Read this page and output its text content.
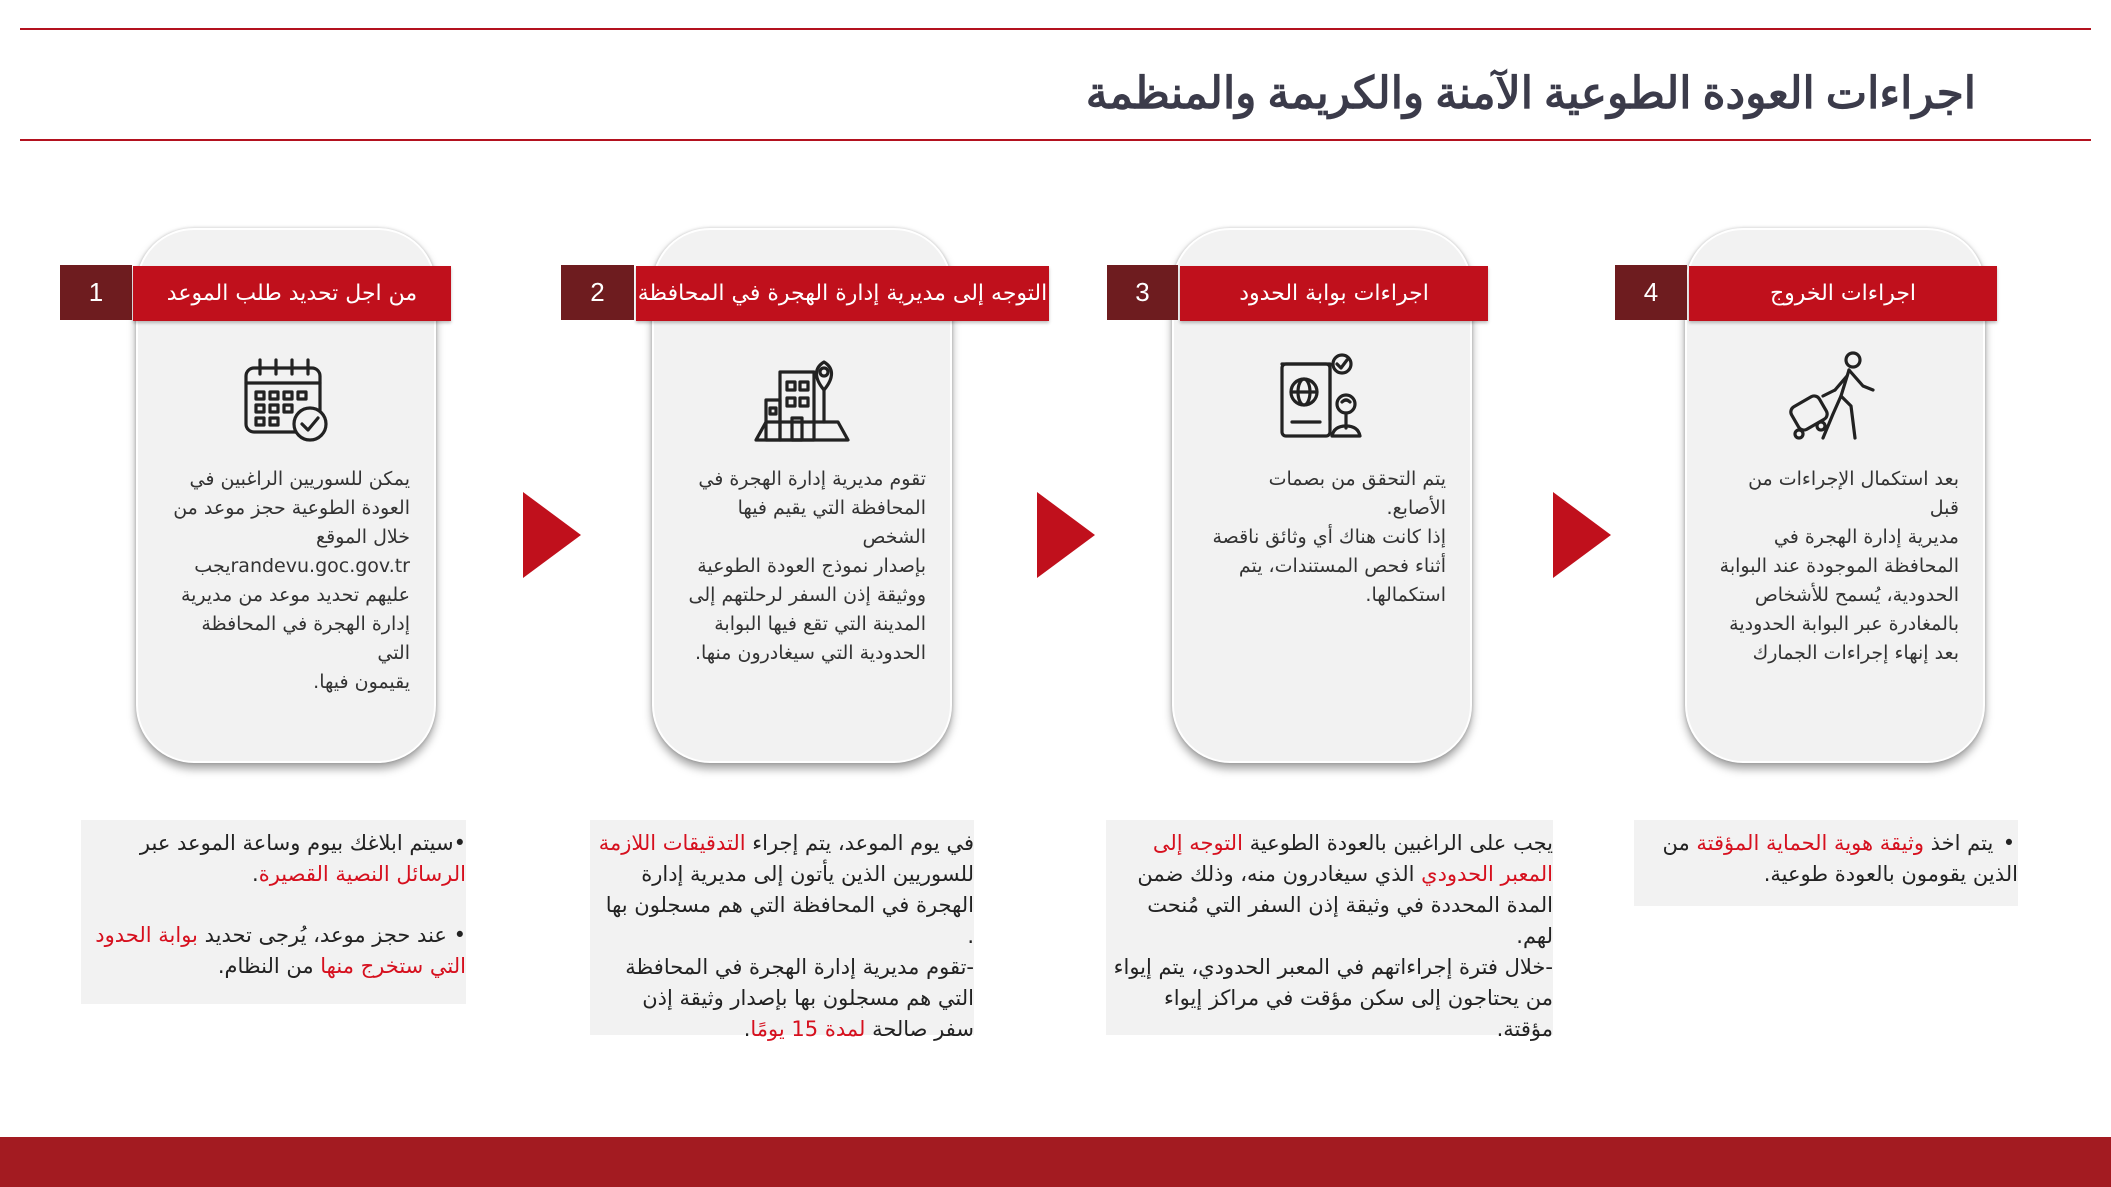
اجراءات العودة الطوعية الآمنة والكريمة والمنظمة
يمكن للسوريين الراغبين في
العودة الطوعية حجز موعد من
خلال الموقع
randevu.goc.gov.trيجب
عليهم تحديد موعد من مديرية
إدارة الهجرة في المحافظة التي
يقيمون فيها.
1	من اجل تحديد طلب الموعد
تقوم مديرية إدارة الهجرة في
المحافظة التي يقيم فيها الشخص
بإصدار نموذج العودة الطوعية
ووثيقة إذن السفر لرحلتهم إلى
المدينة التي تقع فيها البوابة
الحدودية التي سيغادرون منها.
2	التوجه إلى مديرية إدارة الهجرة في المحافظة
يتم التحقق من بصمات الأصابع.
إذا كانت هناك أي وثائق ناقصة
أثناء فحص المستندات، يتم
استكمالها.
3	اجراءات بوابة الحدود
بعد استكمال الإجراءات من قبل
مديرية إدارة الهجرة في
المحافظة الموجودة عند البوابة
الحدودية، يُسمح للأشخاص
بالمغادرة عبر البوابة الحدودية
بعد إنهاء إجراءات الجمارك
4	اجراءات الخروج

•سيتم ابلاغك بيوم وساعة الموعد عبر الرسائل النصية القصيرة.

• عند حجز موعد، يُرجى تحديد بوابة الحدود التي ستخرج منها من النظام.

في يوم الموعد، يتم إجراء التدقيقات اللازمة للسوريين الذين يأتون إلى مديرية إدارة الهجرة في المحافظة التي هم مسجلون بها .

-تقوم مديرية إدارة الهجرة في المحافظة التي هم مسجلون بها بإصدار وثيقة إذن سفر صالحة لمدة 15 يومًا.

يجب على الراغبين بالعودة الطوعية التوجه إلى المعبر الحدودي الذي سيغادرون منه، وذلك ضمن المدة المحددة في وثيقة إذن السفر التي مُنحت لهم.

-خلال فترة إجراءاتهم في المعبر الحدودي، يتم إيواء من يحتاجون إلى سكن مؤقت في مراكز إيواء مؤقتة.

• يتم اخذ وثيقة هوية الحماية المؤقتة من الذين يقومون بالعودة طوعية.
